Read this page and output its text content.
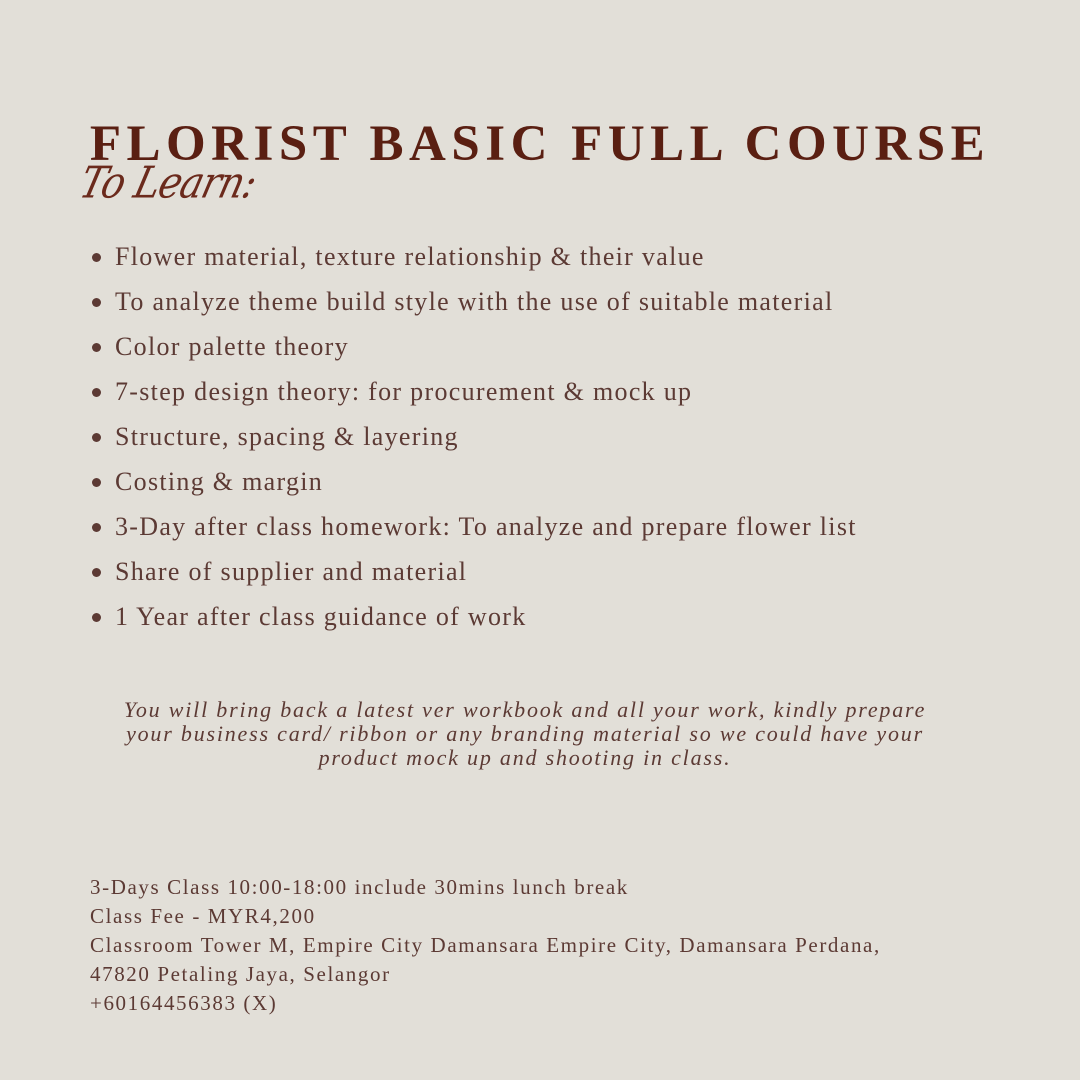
FLORIST BASIC FULL COURSE
To Learn:
Flower material, texture relationship & their value
To analyze theme build style with the use of suitable material
Color palette theory
7-step design theory: for procurement & mock up
Structure, spacing & layering
Costing & margin
3-Day after class homework: To analyze and prepare flower list
Share of supplier and material
1 Year after class guidance of work
You will bring back a latest ver workbook and all your work, kindly prepare
your business card/ ribbon or any branding material so we could have your
product mock up and shooting in class.
3-Days Class 10:00-18:00 include 30mins lunch break
Class Fee - MYR4,200
Classroom Tower M, Empire City Damansara Empire City, Damansara Perdana,
47820 Petaling Jaya, Selangor
+60164456383 (X)
